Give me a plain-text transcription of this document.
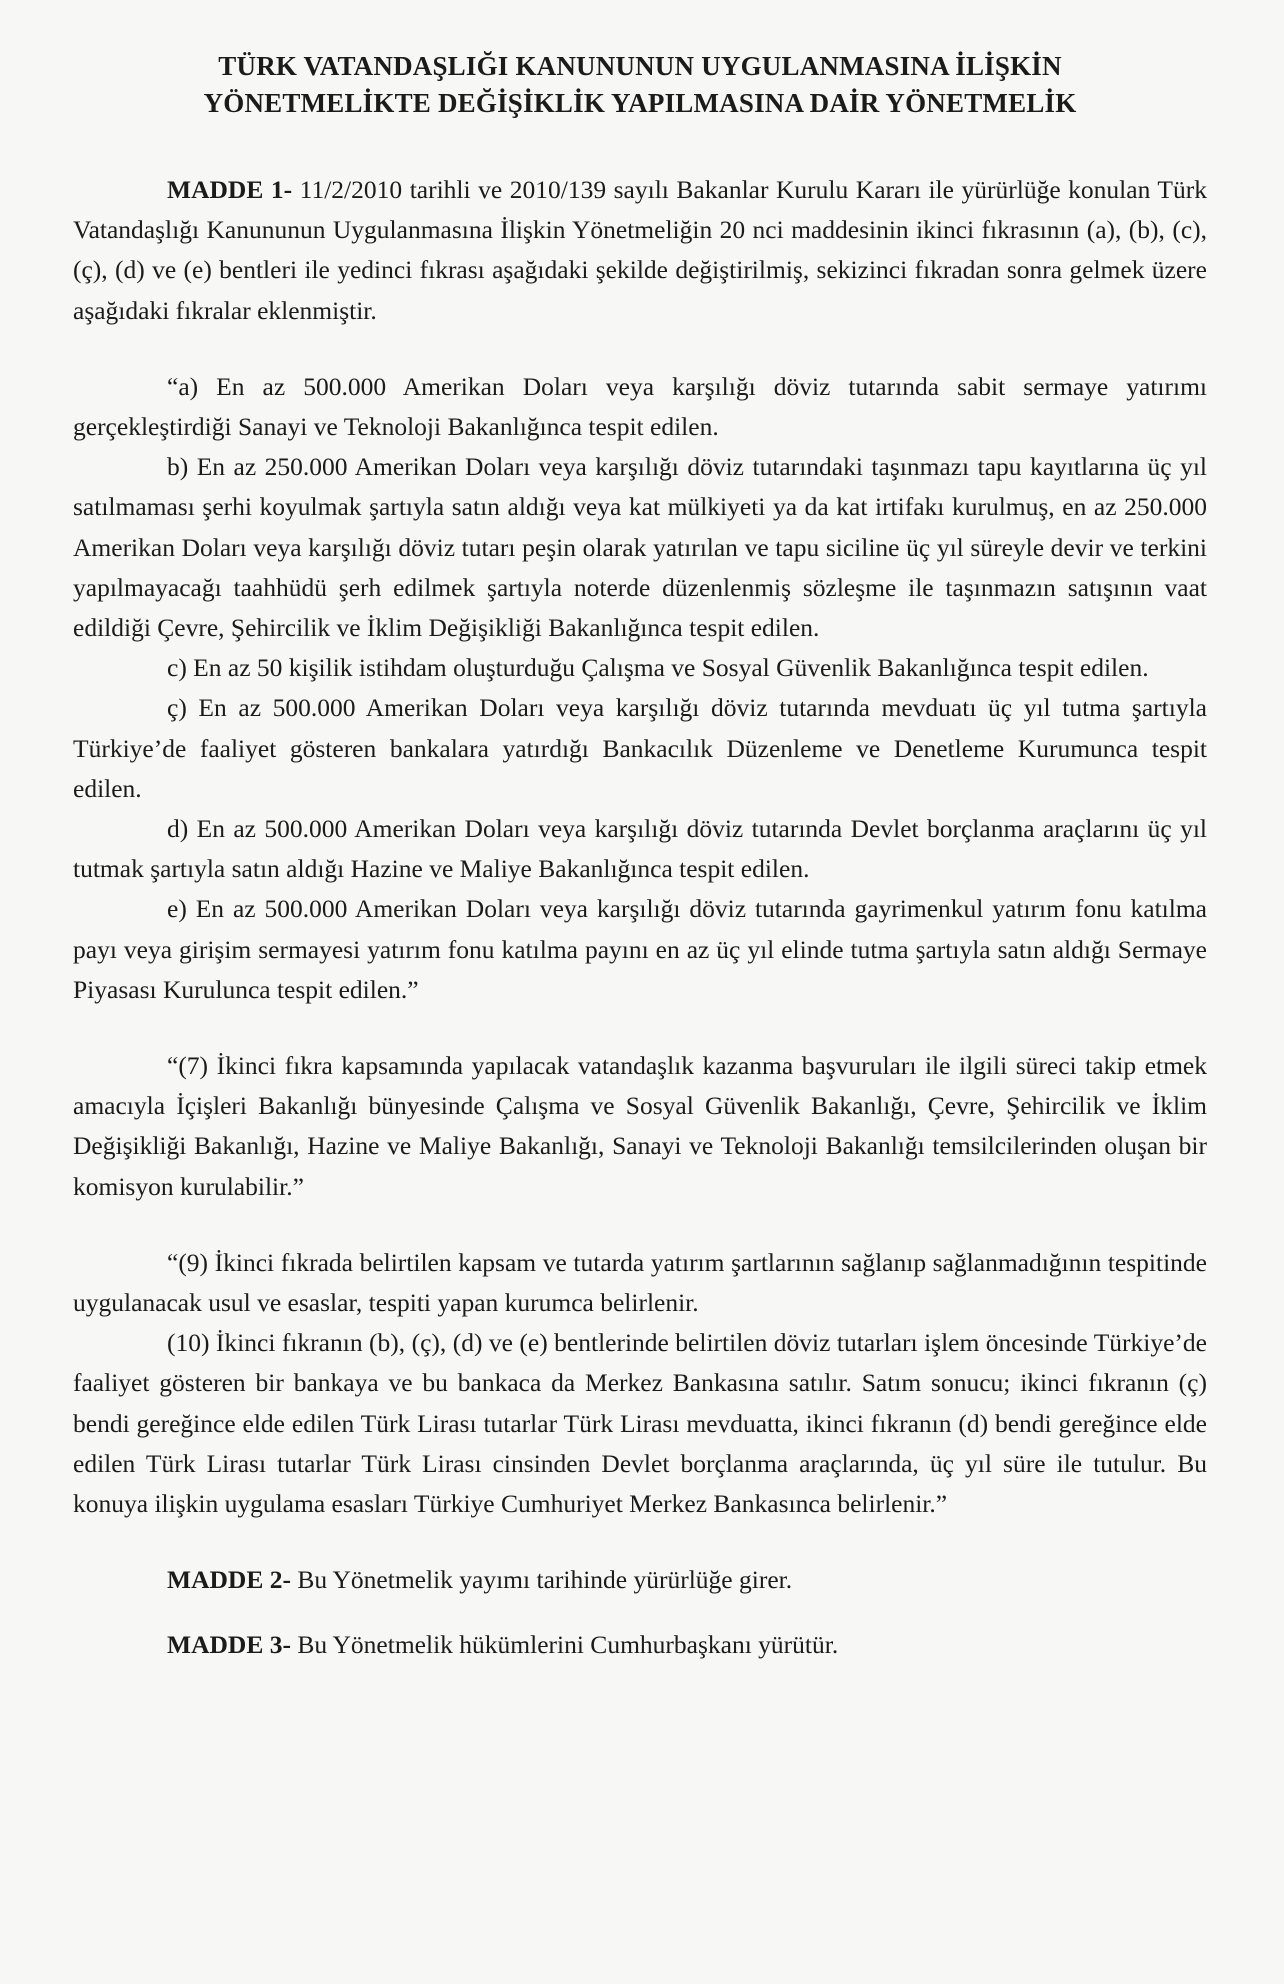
TÜRK VATANDAŞLIĞI KANUNUNUN UYGULANMASINA İLİŞKİN
YÖNETMELİKTE DEĞİŞİKLİK YAPILMASINA DAİR YÖNETMELİK

MADDE 1- 11/2/2010 tarihli ve 2010/139 sayılı Bakanlar Kurulu Kararı ile yürürlüğe konulan Türk Vatandaşlığı Kanununun Uygulanmasına İlişkin Yönetmeliğin 20 nci maddesinin ikinci fıkrasının (a), (b), (c), (ç), (d) ve (e) bentleri ile yedinci fıkrası aşağıdaki şekilde değiştirilmiş, sekizinci fıkradan sonra gelmek üzere aşağıdaki fıkralar eklenmiştir.

“a) En az 500.000 Amerikan Doları veya karşılığı döviz tutarında sabit sermaye yatırımı gerçekleştirdiği Sanayi ve Teknoloji Bakanlığınca tespit edilen.

b) En az 250.000 Amerikan Doları veya karşılığı döviz tutarındaki taşınmazı tapu kayıtlarına üç yıl satılmaması şerhi koyulmak şartıyla satın aldığı veya kat mülkiyeti ya da kat irtifakı kurulmuş, en az 250.000 Amerikan Doları veya karşılığı döviz tutarı peşin olarak yatırılan ve tapu siciline üç yıl süreyle devir ve terkini yapılmayacağı taahhüdü şerh edilmek şartıyla noterde düzenlenmiş sözleşme ile taşınmazın satışının vaat edildiği Çevre, Şehircilik ve İklim Değişikliği Bakanlığınca tespit edilen.

c) En az 50 kişilik istihdam oluşturduğu Çalışma ve Sosyal Güvenlik Bakanlığınca tespit edilen.

ç) En az 500.000 Amerikan Doları veya karşılığı döviz tutarında mevduatı üç yıl tutma şartıyla Türkiye’de faaliyet gösteren bankalara yatırdığı Bankacılık Düzenleme ve Denetleme Kurumunca tespit edilen.

d) En az 500.000 Amerikan Doları veya karşılığı döviz tutarında Devlet borçlanma araçlarını üç yıl tutmak şartıyla satın aldığı Hazine ve Maliye Bakanlığınca tespit edilen.

e) En az 500.000 Amerikan Doları veya karşılığı döviz tutarında gayrimenkul yatırım fonu katılma payı veya girişim sermayesi yatırım fonu katılma payını en az üç yıl elinde tutma şartıyla satın aldığı Sermaye Piyasası Kurulunca tespit edilen.”

“(7) İkinci fıkra kapsamında yapılacak vatandaşlık kazanma başvuruları ile ilgili süreci takip etmek amacıyla İçişleri Bakanlığı bünyesinde Çalışma ve Sosyal Güvenlik Bakanlığı, Çevre, Şehircilik ve İklim Değişikliği Bakanlığı, Hazine ve Maliye Bakanlığı, Sanayi ve Teknoloji Bakanlığı temsilcilerinden oluşan bir komisyon kurulabilir.”

“(9) İkinci fıkrada belirtilen kapsam ve tutarda yatırım şartlarının sağlanıp sağlanmadığının tespitinde uygulanacak usul ve esaslar, tespiti yapan kurumca belirlenir.

(10) İkinci fıkranın (b), (ç), (d) ve (e) bentlerinde belirtilen döviz tutarları işlem öncesinde Türkiye’de faaliyet gösteren bir bankaya ve bu bankaca da Merkez Bankasına satılır. Satım sonucu; ikinci fıkranın (ç) bendi gereğince elde edilen Türk Lirası tutarlar Türk Lirası mevduatta, ikinci fıkranın (d) bendi gereğince elde edilen Türk Lirası tutarlar Türk Lirası cinsinden Devlet borçlanma araçlarında, üç yıl süre ile tutulur. Bu konuya ilişkin uygulama esasları Türkiye Cumhuriyet Merkez Bankasınca belirlenir.”

MADDE 2- Bu Yönetmelik yayımı tarihinde yürürlüğe girer.

MADDE 3- Bu Yönetmelik hükümlerini Cumhurbaşkanı yürütür.
